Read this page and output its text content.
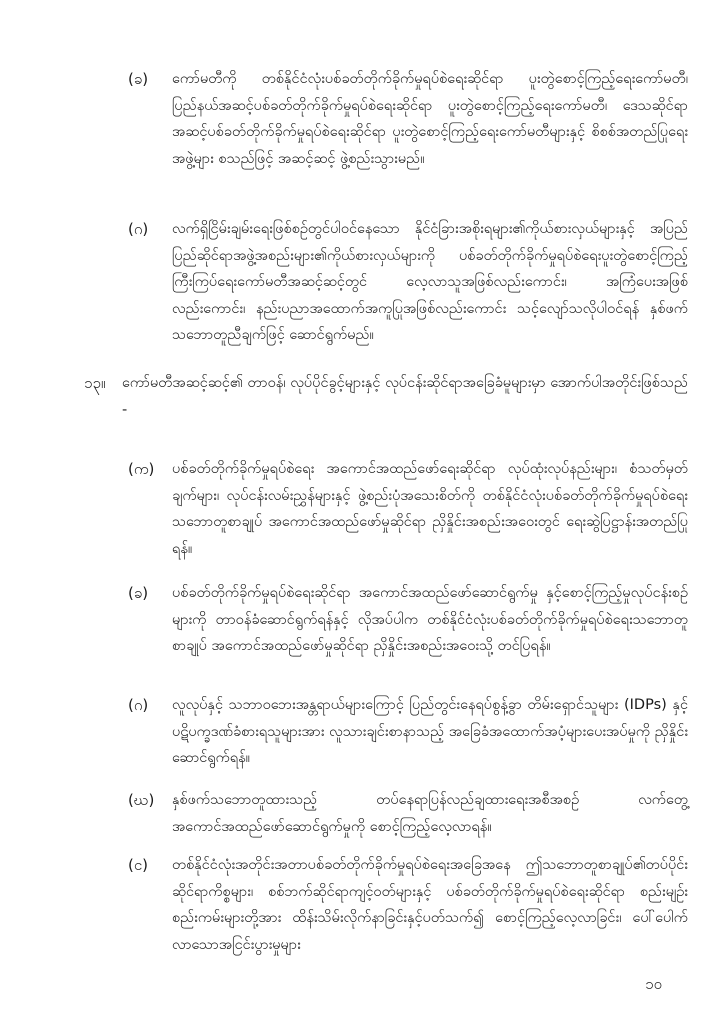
(ခ)	ကော်မတီကို တစ်နိုင်ငံလုံးပစ်ခတ်တိုက်ခိုက်မှုရပ်စဲရေးဆိုင်ရာ ပူးတွဲစောင့်ကြည့်ရေးကော်မတီ၊ ပြည်နယ်အဆင့်ပစ်ခတ်တိုက်ခိုက်မှုရပ်စဲရေးဆိုင်ရာ ပူးတွဲစောင့်ကြည့်ရေးကော်မတီ၊ ဒေသဆိုင်ရာအဆင့်ပစ်ခတ်တိုက်ခိုက်မှုရပ်စဲရေးဆိုင်ရာ ပူးတွဲစောင့်ကြည့်ရေးကော်မတီများနှင့် စိစစ်အတည်ပြုရေးအဖွဲ့များ စသည်ဖြင့် အဆင့်ဆင့် ဖွဲ့စည်းသွားမည်။
(ဂ)	လက်ရှိငြိမ်းချမ်းရေးဖြစ်စဉ်တွင်ပါဝင်နေသော နိုင်ငံခြားအစိုးရများ၏ကိုယ်စားလှယ်များနှင့် အပြည်ပြည်ဆိုင်ရာအဖွဲ့အစည်းများ၏ကိုယ်စားလှယ်များကို ပစ်ခတ်တိုက်ခိုက်မှုရပ်စဲရေးပူးတွဲစောင့်ကြည့်ကြီးကြပ်ရေးကော်မတီအဆင့်ဆင့်တွင် လေ့လာသူအဖြစ်လည်းကောင်း၊ အကြံပေးအဖြစ်လည်းကောင်း၊ နည်းပညာအထောက်အကူပြုအဖြစ်လည်းကောင်း သင့်လျော်သလိုပါဝင်ရန် နှစ်ဖက်သဘောတူညီချက်ဖြင့် ဆောင်ရွက်မည်။
၁၃။	ကော်မတီအဆင့်ဆင့်၏ တာဝန်၊ လုပ်ပိုင်ခွင့်များနှင့် လုပ်ငန်းဆိုင်ရာအခြေခံမူများမှာ အောက်ပါအတိုင်းဖြစ်သည် -
(က)	ပစ်ခတ်တိုက်ခိုက်မှုရပ်စဲရေး အကောင်အထည်ဖော်ရေးဆိုင်ရာ လုပ်ထုံးလုပ်နည်းများ၊ စံသတ်မှတ်ချက်များ၊ လုပ်ငန်းလမ်းညွှန်များနှင့် ဖွဲ့စည်းပုံအသေးစိတ်ကို တစ်နိုင်ငံလုံးပစ်ခတ်တိုက်ခိုက်မှုရပ်စဲရေးသဘောတူစာချုပ် အကောင်အထည်ဖော်မှုဆိုင်ရာ ညှိနှိုင်းအစည်းအဝေးတွင် ရေးဆွဲပြဋ္ဌာန်းအတည်ပြုရန်။
(ခ)	ပစ်ခတ်တိုက်ခိုက်မှုရပ်စဲရေးဆိုင်ရာ အကောင်အထည်ဖော်ဆောင်ရွက်မှု နှင့်စောင့်ကြည့်မှုလုပ်ငန်းစဉ်များကို တာဝန်ခံဆောင်ရွက်ရန်နှင့် လိုအပ်ပါက တစ်နိုင်ငံလုံးပစ်ခတ်တိုက်ခိုက်မှုရပ်စဲရေးသဘောတူစာချုပ် အကောင်အထည်ဖော်မှုဆိုင်ရာ ညှိနှိုင်းအစည်းအဝေးသို့ တင်ပြရန်။
(ဂ)	လူလုပ်နှင့် သဘာဝဘေးအန္တရာယ်များကြောင့် ပြည်တွင်းနေရပ်စွန့်ခွာ တိမ်းရှောင်သူများ (IDPs) နှင့် ပဋိပက္ခဒဏ်ခံစားရသူများအား လူသားချင်းစာနာသည့် အခြေခံအထောက်အပံ့များပေးအပ်မှုကို ညှိနှိုင်းဆောင်ရွက်ရန်။
(ဃ)	နှစ်ဖက်သဘောတူထားသည့် တပ်နေရာပြန်လည်ချထားရေးအစီအစဉ် လက်တွေ့ အကောင်အထည်ဖော်ဆောင်ရွက်မှုကို စောင့်ကြည့်လေ့လာရန်။
(င)	တစ်နိုင်ငံလုံးအတိုင်းအတာပစ်ခတ်တိုက်ခိုက်မှုရပ်စဲရေးအခြေအနေ ဤသဘောတူစာချုပ်၏တပ်ပိုင်းဆိုင်ရာကိစ္စများ၊ စစ်ဘက်ဆိုင်ရာကျင့်ဝတ်များနှင့် ပစ်ခတ်တိုက်ခိုက်မှုရပ်စဲရေးဆိုင်ရာ စည်းမျဉ်းစည်းကမ်းများတို့အား ထိန်းသိမ်းလိုက်နာခြင်းနှင့်ပတ်သက်၍ စောင့်ကြည့်လေ့လာခြင်း၊ ပေါ်ပေါက်လာသောအငြင်းပွားမှုများ
၁၀
